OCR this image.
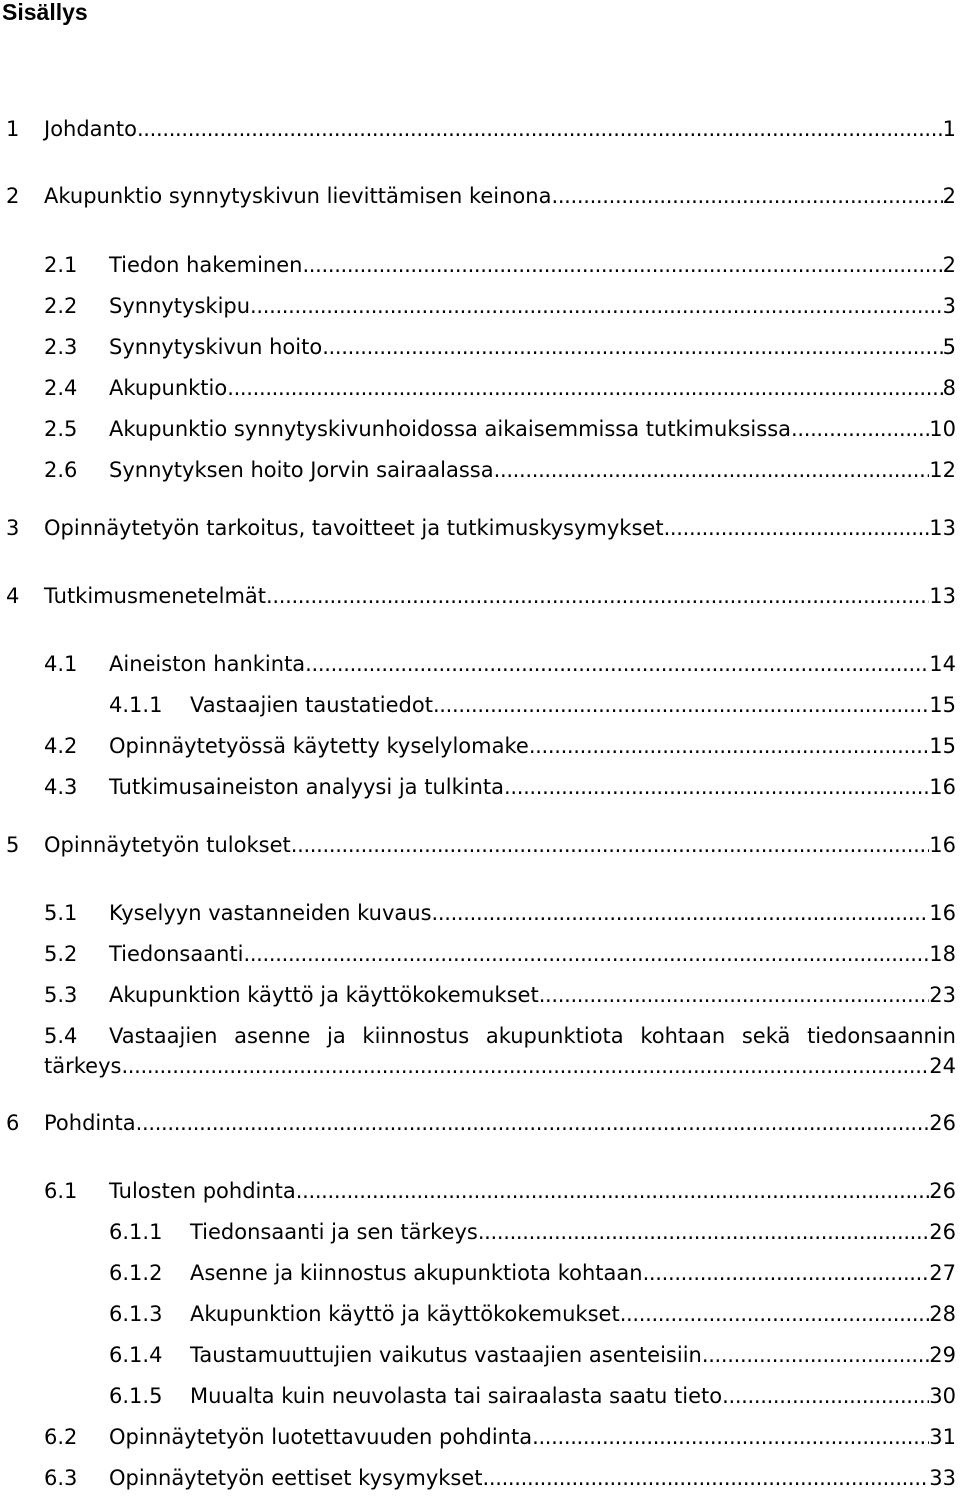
Sisällys
1 Johdanto . . .	1
2 Akupunktio synnytyskivun lievittämisen keinona . . .	2
2.1 Tiedon hakeminen . . .	2
2.2 Synnytyskipu . . .	3
2.3 Synnytyskivun hoito . . .	5
2.4 Akupunktio . . .	8
2.5 Akupunktio synnytyskivunhoidossa aikaisemmissa tutkimuksissa . . .	10
2.6 Synnytyksen hoito Jorvin sairaalassa . . .	12
3 Opinnäytetyön tarkoitus, tavoitteet ja tutkimuskysymykset . . .	13
4 Tutkimusmenetelmät . . .	13
4.1 Aineiston hankinta . . .	14
4.1.1 Vastaajien taustatiedot . . .	15
4.2 Opinnäytetyössä käytetty kyselylomake . . .	15
4.3 Tutkimusaineiston analyysi ja tulkinta . . .	16
5 Opinnäytetyön tulokset . . .	16
5.1 Kyselyyn vastanneiden kuvaus . . .	16
5.2 Tiedonsaanti . . .	18
5.3 Akupunktion käyttö ja käyttökokemukset . . .	23
5.4 Vastaajien asenne ja kiinnostus akupunktiota kohtaan sekä tiedonsaannin
tärkeys . . .	24
6 Pohdinta . . .	26
6.1 Tulosten pohdinta . . .	26
6.1.1 Tiedonsaanti ja sen tärkeys . . .	26
6.1.2 Asenne ja kiinnostus akupunktiota kohtaan . . .	27
6.1.3 Akupunktion käyttö ja käyttökokemukset . . .	28
6.1.4 Taustamuuttujien vaikutus vastaajien asenteisiin . . .	29
6.1.5 Muualta kuin neuvolasta tai sairaalasta saatu tieto . . .	30
6.2 Opinnäytetyön luotettavuuden pohdinta . . .	31
6.3 Opinnäytetyön eettiset kysymykset . . .	33
